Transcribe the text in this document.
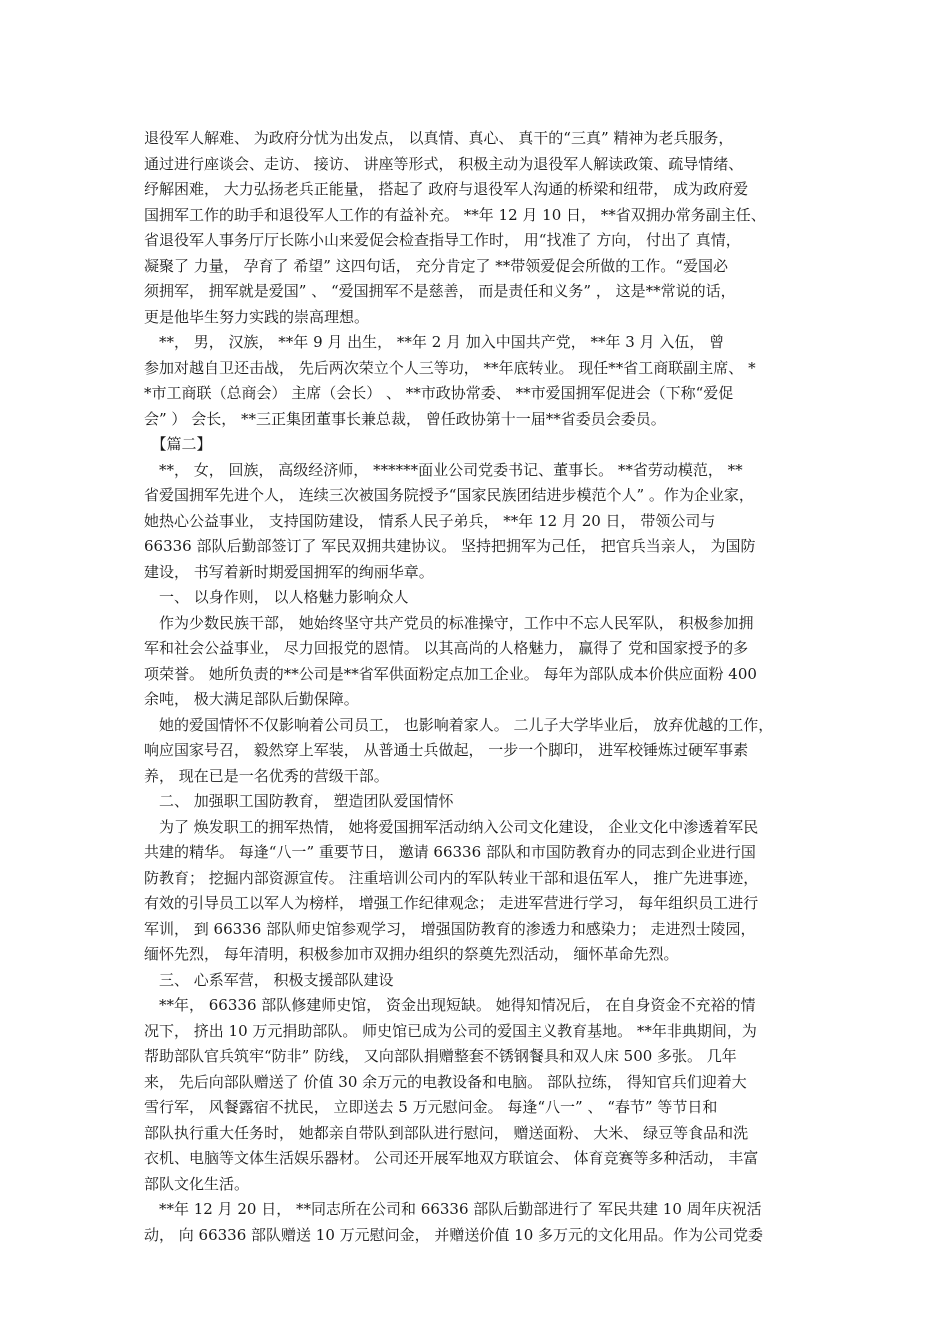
退役军人解难、 为政府分忧为出发点， 以真情、真心、 真干的“三真” 精神为老兵服务，
通过进行座谈会、走访、 接访、 讲座等形式， 积极主动为退役军人解读政策、疏导情绪、
纾解困难， 大力弘扬老兵正能量， 搭起了 政府与退役军人沟通的桥梁和纽带， 成为政府爱
国拥军工作的助手和退役军人工作的有益补充。 **年 12 月 10 日， **省双拥办常务副主任、
省退役军人事务厅厅长陈小山来爱促会检查指导工作时， 用“找准了 方向， 付出了 真情，
凝聚了 力量， 孕育了 希望” 这四句话， 充分肯定了 **带领爱促会所做的工作。“爱国必
须拥军， 拥军就是爱国” 、 “爱国拥军不是慈善， 而是责任和义务” ， 这是**常说的话，
更是他毕生努力实践的崇高理想。
　**， 男， 汉族， **年 9 月 出生， **年 2 月 加入中国共产党， **年 3 月 入伍， 曾
参加对越自卫还击战， 先后两次荣立个人三等功， **年底转业。 现任**省工商联副主席、 *
*市工商联（总商会） 主席（会长） 、 **市政协常委、 **市爱国拥军促进会（下称“爱促
会” ） 会长， **三正集团董事长兼总裁， 曾任政协第十一届**省委员会委员。
　【篇二】
　**， 女， 回族， 高级经济师， ******面业公司党委书记、董事长。 **省劳动模范， **
省爱国拥军先进个人， 连续三次被国务院授予“国家民族团结进步模范个人” 。作为企业家，
她热心公益事业， 支持国防建设， 情系人民子弟兵， **年 12 月 20 日， 带领公司与
66336 部队后勤部签订了 军民双拥共建协议。 坚持把拥军为己任， 把官兵当亲人， 为国防
建设， 书写着新时期爱国拥军的绚丽华章。
　一、 以身作则， 以人格魅力影响众人
　作为少数民族干部， 她始终坚守共产党员的标准操守，工作中不忘人民军队， 积极参加拥
军和社会公益事业， 尽力回报党的恩情。 以其高尚的人格魅力， 赢得了 党和国家授予的多
项荣誉。 她所负责的**公司是**省军供面粉定点加工企业。 每年为部队成本价供应面粉 400
余吨， 极大满足部队后勤保障。
　她的爱国情怀不仅影响着公司员工， 也影响着家人。 二儿子大学毕业后， 放弃优越的工作，
响应国家号召， 毅然穿上军装， 从普通士兵做起， 一步一个脚印， 进军校锤炼过硬军事素
养， 现在已是一名优秀的营级干部。
　二、 加强职工国防教育， 塑造团队爱国情怀
　为了 焕发职工的拥军热情， 她将爱国拥军活动纳入公司文化建设， 企业文化中渗透着军民
共建的精华。 每逢“八一” 重要节日， 邀请 66336 部队和市国防教育办的同志到企业进行国
防教育； 挖掘内部资源宣传。 注重培训公司内的军队转业干部和退伍军人， 推广先进事迹，
有效的引导员工以军人为榜样， 增强工作纪律观念； 走进军营进行学习， 每年组织员工进行
军训， 到 66336 部队师史馆参观学习， 增强国防教育的渗透力和感染力； 走进烈士陵园，
缅怀先烈， 每年清明，积极参加市双拥办组织的祭奠先烈活动， 缅怀革命先烈。
　三、 心系军营， 积极支援部队建设
　**年， 66336 部队修建师史馆， 资金出现短缺。 她得知情况后， 在自身资金不充裕的情
况下， 挤出 10 万元捐助部队。 师史馆已成为公司的爱国主义教育基地。 **年非典期间，为
帮助部队官兵筑牢“防非” 防线， 又向部队捐赠整套不锈钢餐具和双人床 500 多张。 几年
来， 先后向部队赠送了 价值 30 余万元的电教设备和电脑。 部队拉练， 得知官兵们迎着大
雪行军， 风餐露宿不扰民， 立即送去 5 万元慰问金。 每逢“八一” 、 “春节” 等节日和
部队执行重大任务时， 她都亲自带队到部队进行慰问， 赠送面粉、 大米、 绿豆等食品和洗
衣机、电脑等文体生活娱乐器材。 公司还开展军地双方联谊会、 体育竞赛等多种活动， 丰富
部队文化生活。
　**年 12 月 20 日， **同志所在公司和 66336 部队后勤部进行了 军民共建 10 周年庆祝活
动， 向 66336 部队赠送 10 万元慰问金， 并赠送价值 10 多万元的文化用品。作为公司党委
